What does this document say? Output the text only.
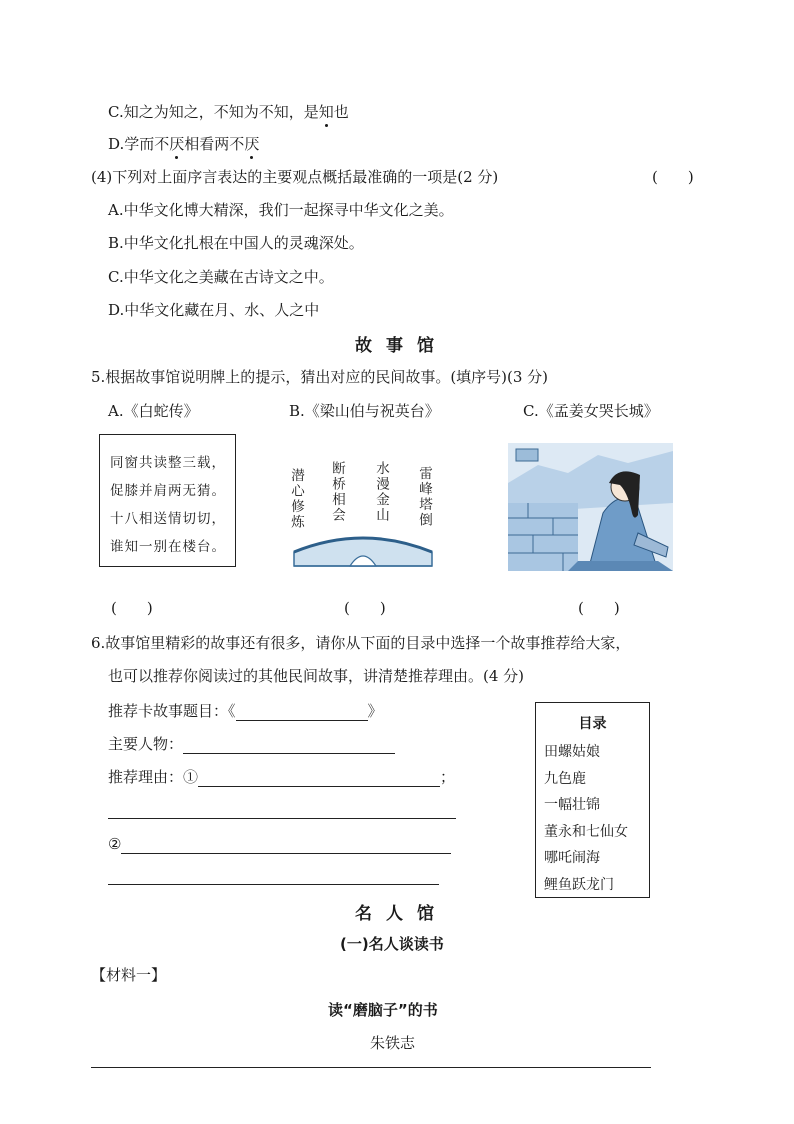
C.知之为知之，不知为不知，是知也
D.学而不厌相看两不厌
(4)下列对上面序言表达的主要观点概括最准确的一项是(2 分)	(　　)
A.中华文化博大精深，我们一起探寻中华文化之美。
B.中华文化扎根在中国人的灵魂深处。
C.中华文化之美藏在古诗文之中。
D.中华文化藏在月、水、人之中
故事馆
5.根据故事馆说明牌上的提示，猜出对应的民间故事。(填序号)(3 分)
A.《白蛇传》	B.《梁山伯与祝英台》	C.《孟姜女哭长城》
同窗共读整三载，
促膝并肩两无猜。
十八相送情切切，
谁知一别在楼台。
潜心修炼 断桥相会 水漫金山 雷峰塔倒
(　　)	(　　)	(　　)
6.故事馆里精彩的故事还有很多，请你从下面的目录中选择一个故事推荐给大家，
也可以推荐你阅读过的其他民间故事，讲清楚推荐理由。(4 分)
推荐卡故事题目：《	》
主要人物：
推荐理由：①	；
②
目录
田螺姑娘
九色鹿
一幅壮锦
董永和七仙女
哪吒闹海
鲤鱼跃龙门
名人馆
(一)名人谈读书
【材料一】
读“磨脑子”的书
朱铁志
